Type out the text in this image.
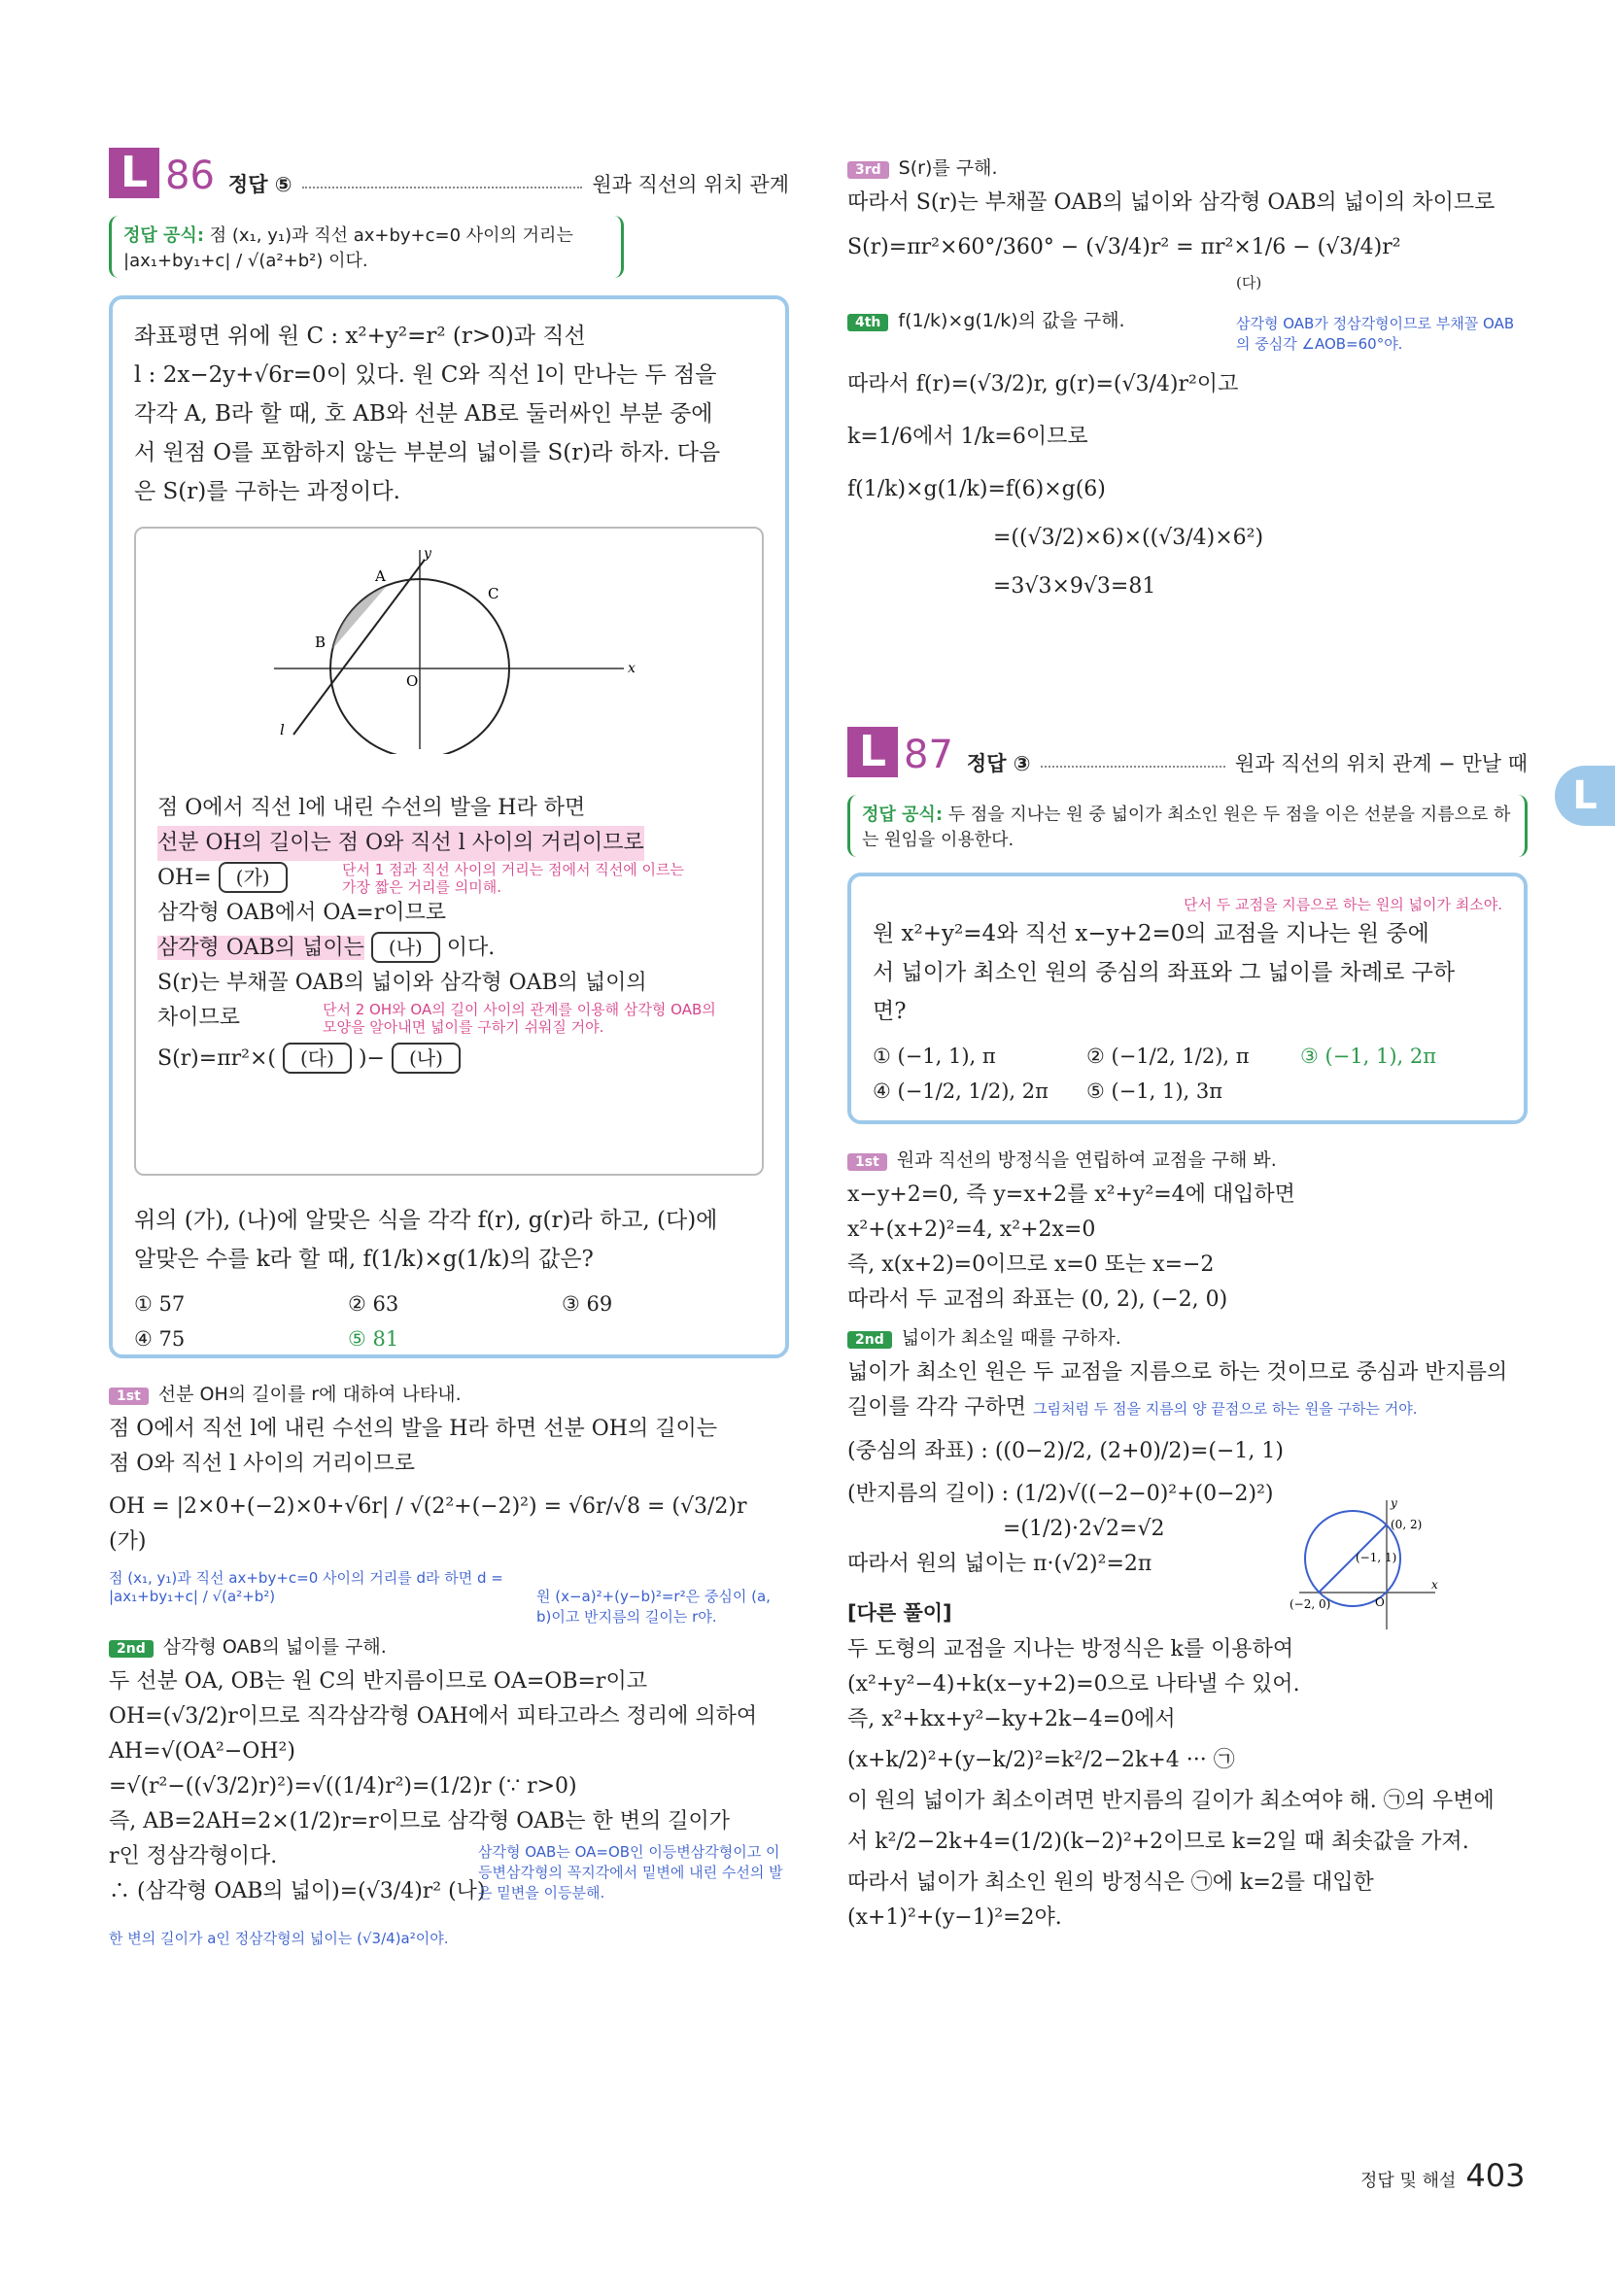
L 86 정답 ⑤	원과 직선의 위치 관계
정답 공식: 점 (x₁, y₁)과 직선 ax+by+c=0 사이의 거리는 |ax₁+by₁+c| / √(a²+b²) 이다.

좌표평면 위에 원 C : x²+y²=r² (r>0)과 직선

l : 2x−2y+√6r=0이 있다. 원 C와 직선 l이 만나는 두 점을

각각 A, B라 할 때, 호 AB와 선분 AB로 둘러싸인 부분 중에

서 원점 O를 포함하지 않는 부분의 넓이를 S(r)라 하자. 다음

은 S(r)를 구하는 과정이다.

y
x
A
B
C
O
l

점 O에서 직선 l에 내린 수선의 발을 H라 하면

선분 OH의 길이는 점 O와 직선 l 사이의 거리이므로

OH= (가)	단서 1 점과 직선 사이의 거리는 점에서 직선에 이르는 가장 짧은 거리를 의미해.

삼각형 OAB에서 OA=r이므로

삼각형 OAB의 넓이는 (나) 이다.

S(r)는 부채꼴 OAB의 넓이와 삼각형 OAB의 넓이의

차이므로	단서 2 OH와 OA의 길이 사이의 관계를 이용해 삼각형 OAB의 모양을 알아내면 넓이를 구하기 쉬워질 거야.
S(r)=πr²×( (다) )− (나)

위의 (가), (나)에 알맞은 식을 각각 f(r), g(r)라 하고, (다)에

알맞은 수를 k라 할 때, f(1/k)×g(1/k)의 값은?

① 57	② 63	③ 69
④ 75	⑤ 81
1st 선분 OH의 길이를 r에 대하여 나타내.

점 O에서 직선 l에 내린 수선의 발을 H라 하면 선분 OH의 길이는

점 O와 직선 l 사이의 거리이므로

OH = |2×0+(−2)×0+√6r| / √(2²+(−2)²) = √6r/√8 = (√3/2)r (가)

점 (x₁, y₁)과 직선 ax+by+c=0 사이의 거리를 d라 하면 d = |ax₁+by₁+c| / √(a²+b²)	원 (x−a)²+(y−b)²=r²은 중심이 (a, b)이고 반지름의 길이는 r야.
2nd 삼각형 OAB의 넓이를 구해.

두 선분 OA, OB는 원 C의 반지름이므로 OA=OB=r이고

OH=(√3/2)r이므로 직각삼각형 OAH에서 피타고라스 정리에 의하여

AH=√(OA²−OH²)

=√(r²−((√3/2)r)²)=√((1/4)r²)=(1/2)r (∵ r>0)

즉, AB=2AH=2×(1/2)r=r이므로 삼각형 OAB는 한 변의 길이가

r인 정삼각형이다.

∴ (삼각형 OAB의 넓이)=(√3/4)r² (나)

삼각형 OAB는 OA=OB인 이등변삼각형이고 이등변삼각형의 꼭지각에서 밑변에 내린 수선의 발은 밑변을 이등분해.
한 변의 길이가 a인 정삼각형의 넓이는 (√3/4)a²이야.
3rd S(r)를 구해.

따라서 S(r)는 부채꼴 OAB의 넓이와 삼각형 OAB의 넓이의 차이므로

S(r)=πr²×60°/360° − (√3/4)r² = πr²×1/6 − (√3/4)r²

(다)

4th f(1/k)×g(1/k)의 값을 구해.	삼각형 OAB가 정삼각형이므로 부채꼴 OAB의 중심각 ∠AOB=60°야.

따라서 f(r)=(√3/2)r, g(r)=(√3/4)r²이고

k=1/6에서 1/k=6이므로

f(1/k)×g(1/k)=f(6)×g(6)

=((√3/2)×6)×((√3/4)×6²)

=3√3×9√3=81

L 87 정답 ③	원과 직선의 위치 관계 − 만날 때
정답 공식: 두 점을 지나는 원 중 넓이가 최소인 원은 두 점을 이은 선분을 지름으로 하는 원임을 이용한다.
단서 두 교점을 지름으로 하는 원의 넓이가 최소야.

원 x²+y²=4와 직선 x−y+2=0의 교점을 지나는 원 중에

서 넓이가 최소인 원의 중심의 좌표와 그 넓이를 차례로 구하

면?

① (−1, 1), π	② (−1/2, 1/2), π	③ (−1, 1), 2π
④ (−1/2, 1/2), 2π	⑤ (−1, 1), 3π
1st 원과 직선의 방정식을 연립하여 교점을 구해 봐.

x−y+2=0, 즉 y=x+2를 x²+y²=4에 대입하면

x²+(x+2)²=4, x²+2x=0

즉, x(x+2)=0이므로 x=0 또는 x=−2

따라서 두 교점의 좌표는 (0, 2), (−2, 0)

2nd 넓이가 최소일 때를 구하자.

넓이가 최소인 원은 두 교점을 지름으로 하는 것이므로 중심과 반지름의

길이를 각각 구하면 그림처럼 두 점을 지름의 양 끝점으로 하는 원을 구하는 거야.

(중심의 좌표) : ((0−2)/2, (2+0)/2)=(−1, 1)

(반지름의 길이) : (1/2)√((−2−0)²+(0−2)²)

=(1/2)·2√2=√2

따라서 원의 넓이는 π·(√2)²=2π

y
x
(0, 2)
(−1, 1)
(−2, 0)	O
[다른 풀이]

두 도형의 교점을 지나는 방정식은 k를 이용하여

(x²+y²−4)+k(x−y+2)=0으로 나타낼 수 있어.

즉, x²+kx+y²−ky+2k−4=0에서

(x+k/2)²+(y−k/2)²=k²/2−2k+4 ··· ㉠

이 원의 넓이가 최소이려면 반지름의 길이가 최소여야 해. ㉠의 우변에

서 k²/2−2k+4=(1/2)(k−2)²+2이므로 k=2일 때 최솟값을 가져.

따라서 넓이가 최소인 원의 방정식은 ㉠에 k=2를 대입한

(x+1)²+(y−1)²=2야.

L
정답 및 해설 403
